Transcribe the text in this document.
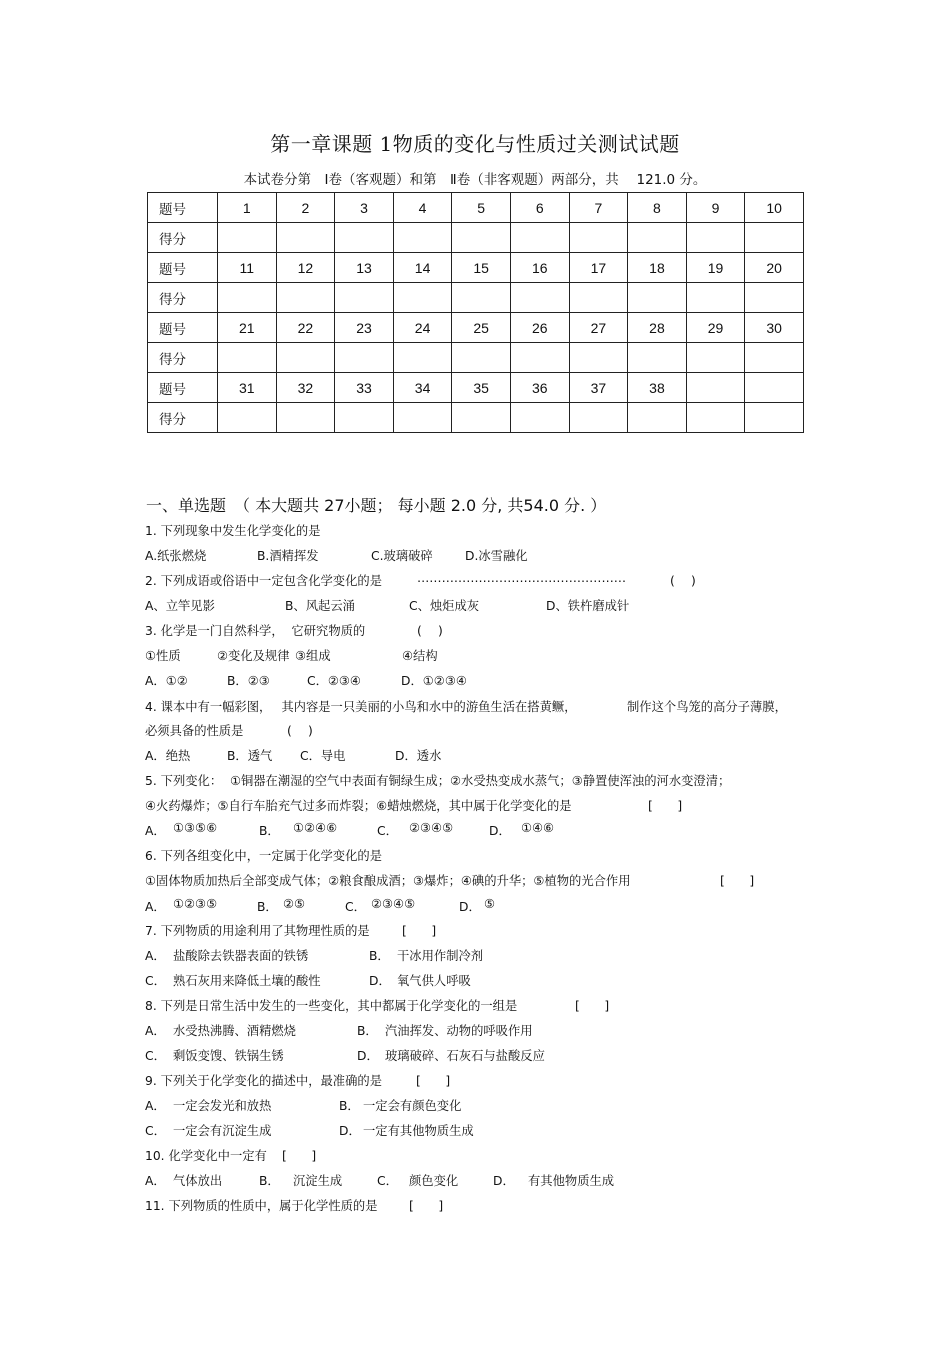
第一章课题 1物质的变化与性质过关测试试题
本试卷分第　Ⅰ卷（客观题）和第　Ⅱ卷（非客观题）两部分，共　 121.0 分。
题号	1	2	3	4	5	6	7	8	9	10
得分										
题号	11	12	13	14	15	16	17	18	19	20
得分										
题号	21	22	23	24	25	26	27	28	29	30
得分										
题号	31	32	33	34	35	36	37	38		
得分										
一、单选题　（ 本大题共 27小题； 每小题 2.0 分, 共54.0 分. ）
1. 下列现象中发生化学变化的是
A.纸张燃烧	B.酒精挥发	C.玻璃破碎	D.冰雪融化
2. 下列成语或俗语中一定包含化学变化的是	……………………………………………	(　 )
A、立竿见影	B、风起云涌	C、烛炬成灰	D、铁杵磨成针
3. 化学是一门自然科学，  它研究物质的	(　 )
①性质	②变化及规律 ③组成	④结构
A．①②	B．②③	C．②③④	D．①②③④
4. 课本中有一幅彩图，　 其内容是一只美丽的小鸟和水中的游鱼生活在搭黄鳜，	制作这个鸟笼的高分子薄膜，
必须具备的性质是	(　 )
A．绝热	B．透气 C．导电	D．透水
5. 下列变化：  ①铜器在潮湿的空气中表面有铜绿生成；②水受热变成水蒸气；③静置使浑浊的河水变澄清；
④火药爆炸；⑤自行车胎充气过多而炸裂；⑥蜡烛燃烧，其中属于化学变化的是	[　　]
A． ①③⑤⑥	B． ①②④⑥	C． ②③④⑤	D． ①④⑥
6. 下列各组变化中，一定属于化学变化的是
①固体物质加热后全部变成气体；②粮食酿成酒；③爆炸；④碘的升华；⑤植物的光合作用	[　　]
A． ①②③⑤	B． ②⑤	C． ②③④⑤	D． ⑤
7. 下列物质的用途利用了其物理性质的是	[　　]
A． 盐酸除去铁器表面的铁锈	B． 干冰用作制冷剂
C． 熟石灰用来降低土壤的酸性	D． 氧气供人呼吸
8. 下列是日常生活中发生的一些变化，其中都属于化学变化的一组是	[　　]
A． 水受热沸腾、酒精燃烧	B． 汽油挥发、动物的呼吸作用
C． 剩饭变馊、铁锅生锈	D． 玻璃破碎、石灰石与盐酸反应
9. 下列关于化学变化的描述中，最准确的是	[　　]
A． 一定会发光和放热	B． 一定会有颜色变化
C． 一定会有沉淀生成	D． 一定有其他物质生成
10. 化学变化中一定有 [　　]
A． 气体放出	B． 沉淀生成	C． 颜色变化	D． 有其他物质生成
11. 下列物质的性质中，属于化学性质的是	[　　]
